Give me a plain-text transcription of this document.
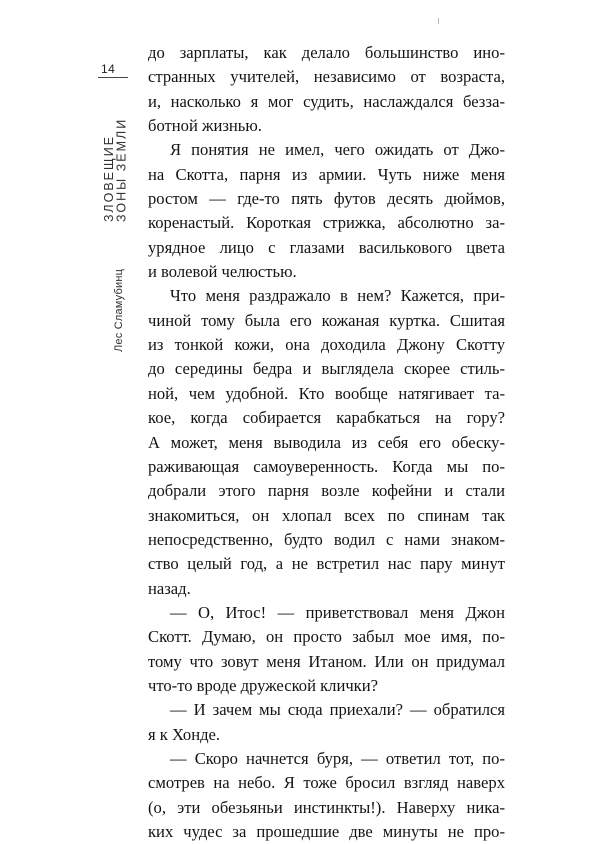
14
ЗЛОВЕЩИЕ
ЗОНЫ ЗЕМЛИ
Лес Сламубинц
до зарплаты, как делало большинство ино-
странных учителей, независимо от возраста,
и, насколько я мог судить, наслаждался безза-
ботной жизнью.
Я понятия не имел, чего ожидать от Джо-
на Скотта, парня из армии. Чуть ниже меня
ростом — где-то пять футов десять дюймов,
коренастый. Короткая стрижка, абсолютно за-
урядное лицо с глазами василькового цвета
и волевой челюстью.
Что меня раздражало в нем? Кажется, при-
чиной тому была его кожаная куртка. Сшитая
из тонкой кожи, она доходила Джону Скотту
до середины бедра и выглядела скорее стиль-
ной, чем удобной. Кто вообще натягивает та-
кое, когда собирается карабкаться на гору?
А может, меня выводила из себя его обеску-
раживающая самоуверенность. Когда мы по-
добрали этого парня возле кофейни и стали
знакомиться, он хлопал всех по спинам так
непосредственно, будто водил с нами знаком-
ство целый год, а не встретил нас пару минут
назад.
— О, Итос! — приветствовал меня Джон
Скотт. Думаю, он просто забыл мое имя, по-
тому что зовут меня Итаном. Или он придумал
что-то вроде дружеской клички?
— И зачем мы сюда приехали? — обратился
я к Хонде.
— Скоро начнется буря, — ответил тот, по-
смотрев на небо. Я тоже бросил взгляд наверх
(о, эти обезьяньи инстинкты!). Наверху ника-
ких чудес за прошедшие две минуты не про-
